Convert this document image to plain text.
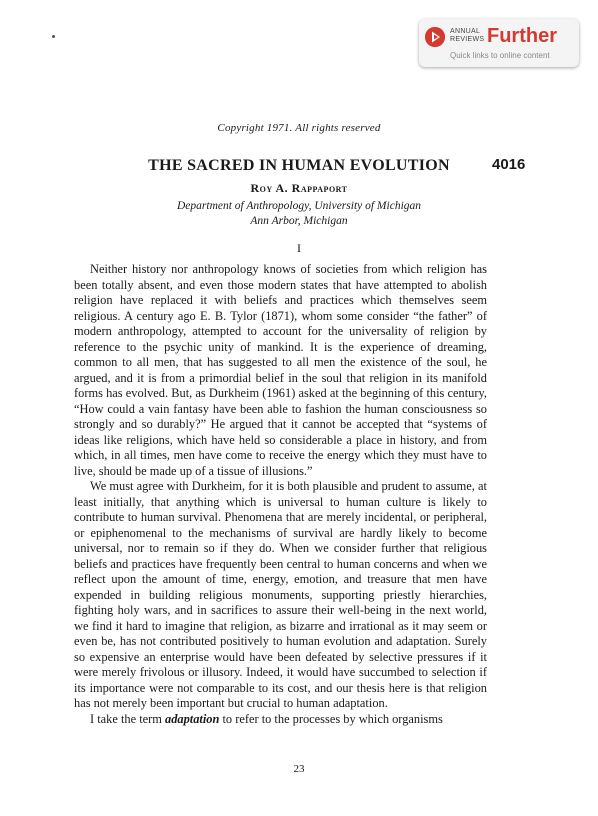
ANNUAL
REVIEWS Further
Quick links to online content
Copyright 1971. All rights reserved
THE SACRED IN HUMAN EVOLUTION	4016
Roy A. Rappaport
Department of Anthropology, University of Michigan
Ann Arbor, Michigan
I

Neither history nor anthropology knows of societies from which religion has been totally absent, and even those modern states that have attempted to abolish religion have replaced it with beliefs and practices which themselves seem religious. A century ago E. B. Tylor (1871), whom some consider “the father” of modern anthropology, attempted to account for the universality of religion by reference to the psychic unity of mankind. It is the experience of dreaming, common to all men, that has suggested to all men the existence of the soul, he argued, and it is from a primordial belief in the soul that religion in its manifold forms has evolved. But, as Durkheim (1961) asked at the beginning of this century, “How could a vain fantasy have been able to fashion the human consciousness so strongly and so durably?” He argued that it cannot be accepted that “systems of ideas like religions, which have held so considerable a place in history, and from which, in all times, men have come to receive the energy which they must have to live, should be made up of a tissue of illusions.”

We must agree with Durkheim, for it is both plausible and prudent to assume, at least initially, that anything which is universal to human culture is likely to contribute to human survival. Phenomena that are merely incidental, or peripheral, or epiphenomenal to the mechanisms of survival are hardly likely to become universal, nor to remain so if they do. When we consider further that religious beliefs and practices have frequently been central to human concerns and when we reflect upon the amount of time, energy, emotion, and treasure that men have expended in building religious monuments, supporting priestly hierarchies, fighting holy wars, and in sacrifices to assure their well-being in the next world, we find it hard to imagine that religion, as bizarre and irrational as it may seem or even be, has not contributed positively to human evolution and adaptation. Surely so expensive an enterprise would have been defeated by selective pressures if it were merely frivolous or illusory. Indeed, it would have succumbed to selection if its importance were not comparable to its cost, and our thesis here is that religion has not merely been important but crucial to human adaptation.

I take the term adaptation to refer to the processes by which organisms

23
